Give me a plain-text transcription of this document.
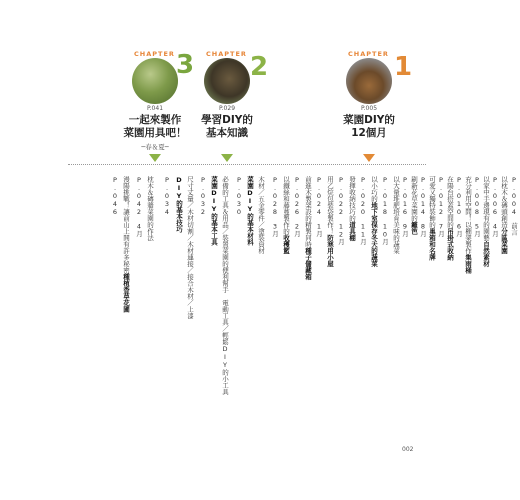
CHAPTER 3
P.041
一起來製作
菜園用具吧！
─春＆夏─
CHAPTER 2
P.029
學習DIY的
基本知識
CHAPTER 1
P.005
菜園DIY的
12個月
P.046 漫陽挑戰！讓前山上開有許多秘密種植香草花圃
P.042　4月 枕木＆磚牆菜園的作法	P.034 DIY的基本技巧 尺寸丈量／木材切割／木材連接／接合木材／上漆 P.032 菜園DIY的基本工具 必備的工具＆用品／裝置菜園的便利幫手　電動工具／輕鬆DIY的小工具 P.030 菜園DIY的基本材料 木材／五金零件／塗裝資材 P.028　3月 以鐵絲和藤蔓製作的收穫籃
P.026　2月 前進木製架設的精製同時種子儲藏箱
P.024　1月 用乙烷包裝袋製作！防寒用小屋
P.022　12月
發揮收納技巧的道具棚
P.020　11月
以小巧的地下室保存冬天的蔬菜
P.018　10月 以大量堆肥培育美味的蔬菜 P.016　9月
刷新花草菜園的籬笆
P.014　8月
可愛又獨特裝飾的巢箱和名牌
P.012　7月
在陽台搭蓋空間的吊掛式收納
P.010　6月 充分利用空間！以棚架製作集雨桶
P.008　5月 以家中手邊現有的園藝自然素材
P.006　4月
以枕木＆磚頭創造分區菜園
P.004　前言
002
